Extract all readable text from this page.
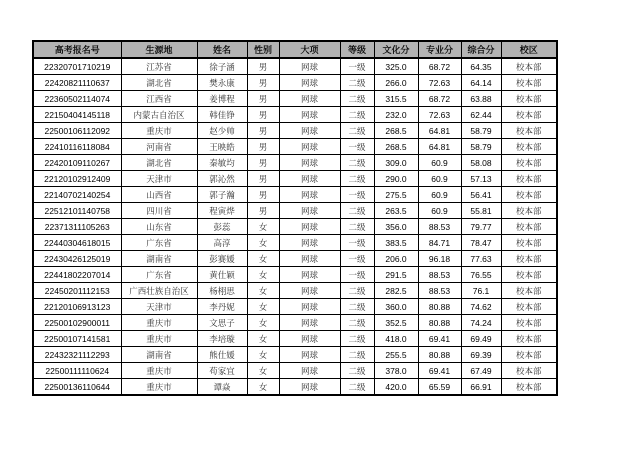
高考报名号	生源地	姓名	性别	大项	等级	文化分	专业分	综合分	校区
22320701710219	江苏省	徐子涵	男	网球	一级	325.0	68.72	64.35	校本部
22420821110637	湖北省	樊永康	男	网球	二级	266.0	72.63	64.14	校本部
22360502114074	江西省	姜博程	男	网球	二级	315.5	68.72	63.88	校本部
22150404145118	内蒙古自治区	韩佳铮	男	网球	二级	232.0	72.63	62.44	校本部
22500106112092	重庆市	赵少帅	男	网球	二级	268.5	64.81	58.79	校本部
22410116118084	河南省	王映皓	男	网球	一级	268.5	64.81	58.79	校本部
22420109110267	湖北省	秦敏均	男	网球	二级	309.0	60.9	58.08	校本部
22120102912409	天津市	郭沁然	男	网球	二级	290.0	60.9	57.13	校本部
22140702140254	山西省	郭子瀚	男	网球	一级	275.5	60.9	56.41	校本部
22512101140758	四川省	程寅烨	男	网球	二级	263.5	60.9	55.81	校本部
22371311105263	山东省	彭蕊	女	网球	二级	356.0	88.53	79.77	校本部
22440304618015	广东省	高淳	女	网球	一级	383.5	84.71	78.47	校本部
22430426125019	湖南省	彭赛媛	女	网球	一级	206.0	96.18	77.63	校本部
22441802207014	广东省	黄仕颖	女	网球	一级	291.5	88.53	76.55	校本部
22450201112153	广西壮族自治区	杨栩思	女	网球	二级	282.5	88.53	76.1	校本部
22120106913123	天津市	李丹妮	女	网球	二级	360.0	80.88	74.62	校本部
22500102900011	重庆市	文思子	女	网球	二级	352.5	80.88	74.24	校本部
22500107141581	重庆市	李培璇	女	网球	二级	418.0	69.41	69.49	校本部
22432321112293	湖南省	熊仕媛	女	网球	二级	255.5	80.88	69.39	校本部
22500111110624	重庆市	苟家宜	女	网球	二级	378.0	69.41	67.49	校本部
22500136110644	重庆市	谭焱	女	网球	二级	420.0	65.59	66.91	校本部
